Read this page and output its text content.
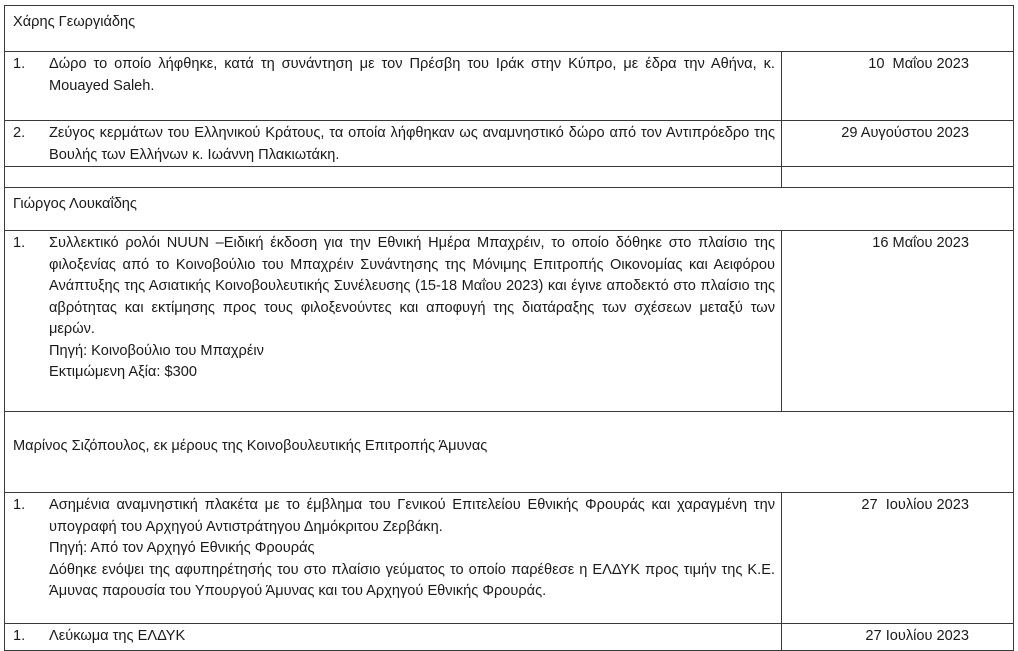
Χάρης Γεωργιάδης	

1. Δώρο το οποίο λήφθηκε, κατά τη συνάντηση με τον Πρέσβη του Ιράκ στην Κύπρο, με έδρα την Αθήνα, κ. Mouayed Saleh.	10  Μαΐου 2023

2. Ζεύγος κερμάτων του Ελληνικού Κράτους, τα οποία λήφθηκαν ως αναμνηστικό δώρο από τον Αντιπρόεδρο της Βουλής των Ελλήνων κ. Ιωάννη Πλακιωτάκη.	29 Αυγούστου 2023

Γιώργος Λουκαΐδης	

1. Συλλεκτικό ρολόι NUUN –Ειδική έκδοση για την Εθνική Ημέρα Μπαχρέιν, το οποίο δόθηκε στο πλαίσιο της φιλοξενίας από το Κοινοβούλιο του Μπαχρέιν Συνάντησης της Μόνιμης Επιτροπής Οικονομίας και Αειφόρου Ανάπτυξης της Ασιατικής Κοινοβουλευτικής Συνέλευσης (15-18 Μαΐου 2023) και έγινε αποδεκτό στο πλαίσιο της αβρότητας και εκτίμησης προς τους φιλοξενούντες και αποφυγή της διατάραξης των σχέσεων μεταξύ των μερών.
Πηγή: Κοινοβούλιο του Μπαχρέιν
Εκτιμώμενη Αξία: $300	16 Μαΐου 2023
Μαρίνος Σιζόπουλος, εκ μέρους της Κοινοβουλευτικής Επιτροπής Άμυνας	

1. Ασημένια αναμνηστική πλακέτα με το έμβλημα του Γενικού Επιτελείου Εθνικής Φρουράς και χαραγμένη την υπογραφή του Αρχηγού Αντιστράτηγου Δημόκριτου Ζερβάκη.
Πηγή: Από τον Αρχηγό Εθνικής Φρουράς
Δόθηκε ενόψει της αφυπηρέτησής του στο πλαίσιο γεύματος το οποίο παρέθεσε η ΕΛΔΥΚ προς τιμήν της Κ.Ε. Άμυνας παρουσία του Υπουργού Άμυνας και του Αρχηγού Εθνικής Φρουράς.	27  Ιουλίου 2023

1. Λεύκωμα της ΕΛΔΥΚ	27 Ιουλίου 2023
